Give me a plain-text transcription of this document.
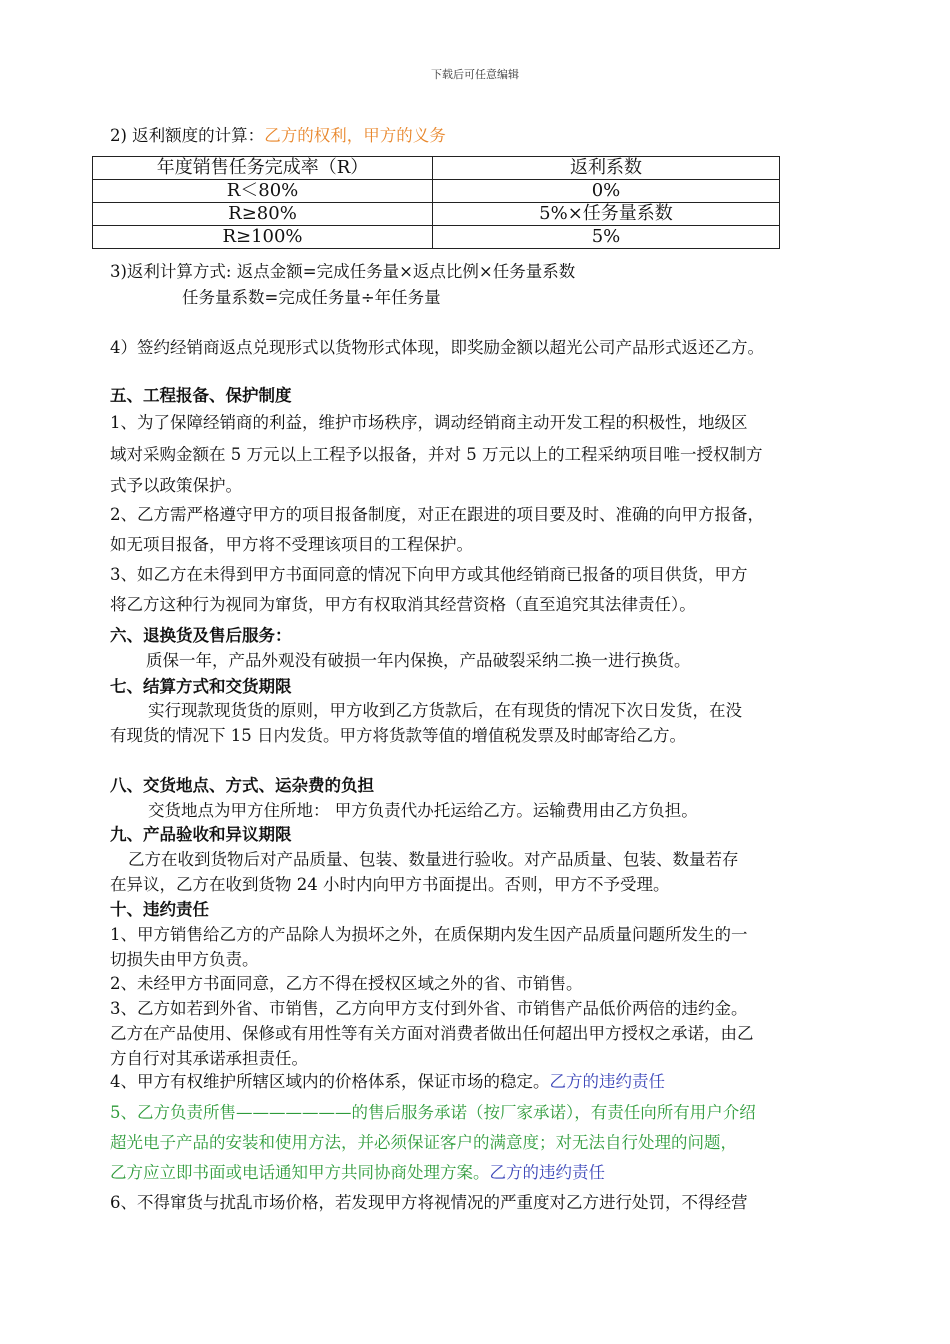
下载后可任意编辑
2) 返利额度的计算：乙方的权利，甲方的义务
年度销售任务完成率（R）	返利系数
R＜80%	0%
R≥80%	5%×任务量系数
R≥100%	5%
3)返利计算方式: 返点金额=完成任务量×返点比例×任务量系数
任务量系数=完成任务量÷年任务量
4）签约经销商返点兑现形式以货物形式体现，即奖励金额以超光公司产品形式返还乙方。
五、工程报备、保护制度
1、为了保障经销商的利益，维护市场秩序，调动经销商主动开发工程的积极性，地级区
域对采购金额在 5 万元以上工程予以报备，并对 5 万元以上的工程采纳项目唯一授权制方
式予以政策保护。
2、乙方需严格遵守甲方的项目报备制度，对正在跟进的项目要及时、准确的向甲方报备，
如无项目报备，甲方将不受理该项目的工程保护。
3、如乙方在未得到甲方书面同意的情况下向甲方或其他经销商已报备的项目供货，甲方
将乙方这种行为视同为窜货，甲方有权取消其经营资格（直至追究其法律责任）。
六、退换货及售后服务：
质保一年，产品外观没有破损一年内保换，产品破裂采纳二换一进行换货。
七、结算方式和交货期限
实行现款现货货的原则，甲方收到乙方货款后，在有现货的情况下次日发货，在没
有现货的情况下 15 日内发货。甲方将货款等值的增值税发票及时邮寄给乙方。
八、交货地点、方式、运杂费的负担
交货地点为甲方住所地： 甲方负责代办托运给乙方。运输费用由乙方负担。
九、产品验收和异议期限
乙方在收到货物后对产品质量、包装、数量进行验收。对产品质量、包装、数量若存
在异议，乙方在收到货物 24 小时内向甲方书面提出。否则，甲方不予受理。
十、违约责任
1、甲方销售给乙方的产品除人为损坏之外，在质保期内发生因产品质量问题所发生的一
切损失由甲方负责。
2、未经甲方书面同意，乙方不得在授权区域之外的省、市销售。
3、乙方如若到外省、市销售，乙方向甲方支付到外省、市销售产品低价两倍的违约金。
乙方在产品使用、保修或有用性等有关方面对消费者做出任何超出甲方授权之承诺，由乙
方自行对其承诺承担责任。
4、甲方有权维护所辖区域内的价格体系，保证市场的稳定。乙方的违约责任
5、乙方负责所售———————的售后服务承诺（按厂家承诺），有责任向所有用户介绍
超光电子产品的安装和使用方法，并必须保证客户的满意度；对无法自行处理的问题，
乙方应立即书面或电话通知甲方共同协商处理方案。乙方的违约责任
6、不得窜货与扰乱市场价格，若发现甲方将视情况的严重度对乙方进行处罚，不得经营
